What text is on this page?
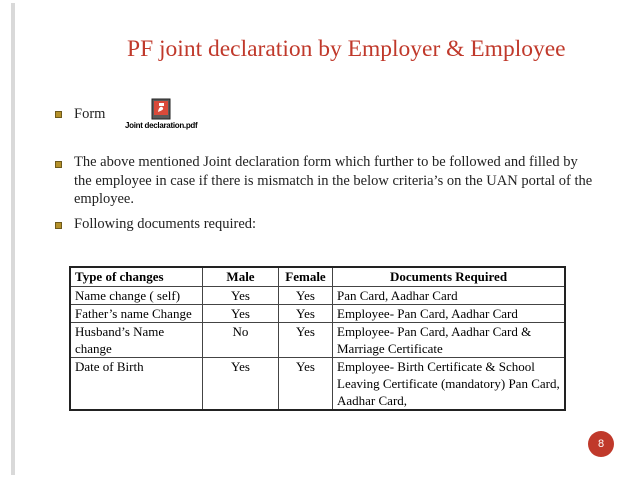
PF joint declaration by Employer & Employee
Form
Joint declaration.pdf
The above mentioned Joint declaration form which further to be followed and filled by the employee in case if there is mismatch in the below criteria’s on the UAN portal of the employee.
Following documents required:
Type of changes	Male	Female	Documents Required
Name change ( self)	Yes	Yes	Pan Card, Aadhar Card
Father’s name Change	Yes	Yes	Employee- Pan Card, Aadhar Card
Husband’s Name change	No	Yes	Employee- Pan Card, Aadhar Card & Marriage Certificate
Date of Birth	Yes	Yes	Employee- Birth Certificate & School Leaving Certificate (mandatory) Pan Card, Aadhar Card,
8
